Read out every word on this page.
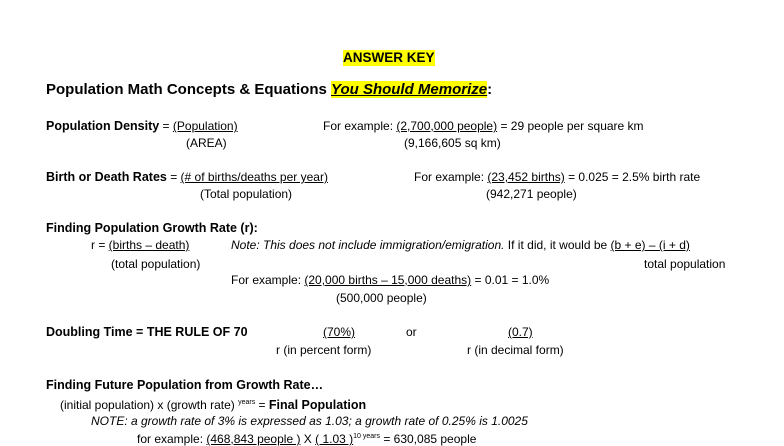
ANSWER KEY
Population Math Concepts & Equations You Should Memorize:
Population Density = (Population)
(AREA)
For example: (2,700,000 people) = 29 people per square km
(9,166,605 sq km)
Birth or Death Rates = (# of births/deaths per year)
(Total population)
For example: (23,452 births) = 0.025 = 2.5% birth rate
(942,271 people)
Finding Population Growth Rate (r):
r = (births – death)	Note: This does not include immigration/emigration. If it did, it would be (b + e) – (i + d)
(total population)	total population
For example: (20,000 births – 15,000 deaths) = 0.01 = 1.0%
(500,000 people)
Doubling Time = THE RULE OF 70	(70%)	or	(0.7)
r (in percent form)	r (in decimal form)
Finding Future Population from Growth Rate…
(initial population) x (growth rate) $^{years}$ = Final Population
NOTE: a growth rate of 3% is expressed as 1.03; a growth rate of 0.25% is 1.0025
for example: (468,843 people ) X ( 1.03 )$^{10 years}$ = 630,085 people
